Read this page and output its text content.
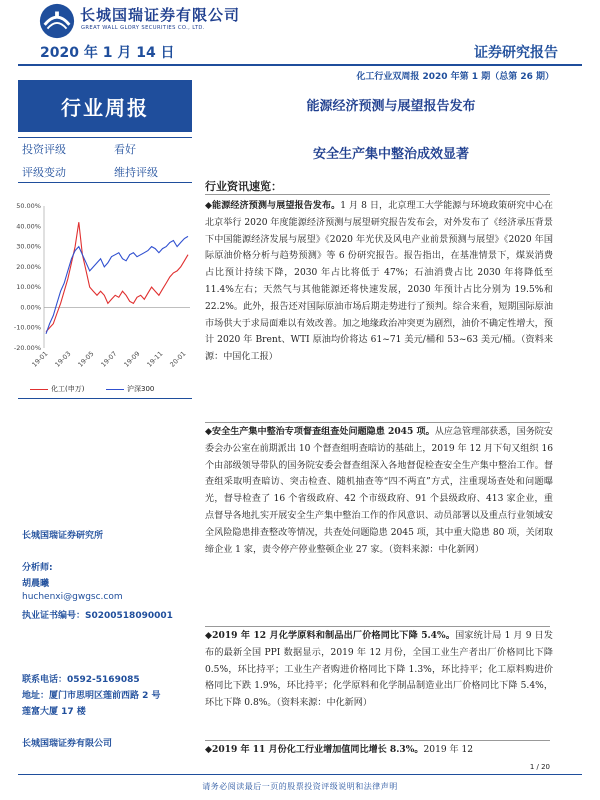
长城国瑞证券有限公司
GREAT WALL GLORY SECURITIES CO., LTD.
2020 年 1 月 14 日	证券研究报告
化工行业双周报 2020 年第 1 期（总第 26 期）
行业周报	能源经济预测与展望报告发布
安全生产集中整治成效显著
投资评级	看好
评级变动	维持评级
50.00%
40.00%
30.00%
20.00%
10.00%
0.00%
-10.00%
-20.00%
19-01 19-03 19-05 19-07 19-09 19-11 20-01
化工(申万)	沪深300
长城国瑞证券研究所
分析师:
胡晨曦
huchenxi@gwgsc.com
执业证书编号：S0200518090001
联系电话：0592-5169085
地址：厦门市思明区莲前西路 2 号
莲富大厦 17 楼
长城国瑞证券有限公司
行业资讯速览：
◆能源经济预测与展望报告发布。1 月 8 日，北京理工大学能源与环境政策研究中心在北京举行 2020 年度能源经济预测与展望研究报告发布会，对外发布了《经济承压背景下中国能源经济发展与展望》《2020 年光伏及风电产业前景预测与展望》《2020 年国际原油价格分析与趋势预测》等 6 份研究报告。报告指出，在基准情景下，煤炭消费占比预计持续下降，2030 年占比将低于 47%；石油消费占比 2030 年将降低至 11.4%左右；天然气与其他能源还将快速发展，2030 年预计占比分别为 19.5%和 22.2%。此外，报告还对国际原油市场后期走势进行了预判。综合来看，短期国际原油市场供大于求局面难以有效改善。加之地缘政治冲突更为剧烈，油价不确定性增大，预计 2020 年 Brent、WTI 原油均价将达 61~71 美元/桶和 53~63 美元/桶。（资料来源：中国化工报）
◆安全生产集中整治专项督查组查处问题隐患 2045 项。从应急管理部获悉，国务院安委会办公室在前期派出 10 个督查组明查暗访的基础上，2019 年 12 月下旬又组织 16 个由部级领导带队的国务院安委会督查组深入各地督促检查安全生产集中整治工作。督查组采取明查暗访、突击检查、随机抽查等“四不两直”方式，注重现场查处和问题曝光，督导检查了 16 个省级政府、42 个市级政府、91 个县级政府、413 家企业，重点督导各地扎实开展安全生产集中整治工作的作风意识、动员部署以及重点行业领域安全风险隐患排查整改等情况，共查处问题隐患 2045 项，其中重大隐患 80 项，关闭取缔企业 1 家，责令停产停业整顿企业 27 家。（资料来源：中化新网）
◆2019 年 12 月化学原料和制品出厂价格同比下降 5.4%。国家统计局 1 月 9 日发布的最新全国 PPI 数据显示，2019 年 12 月份，全国工业生产者出厂价格同比下降 0.5%，环比持平；工业生产者购进价格同比下降 1.3%，环比持平；化工原料购进价格同比下跌 1.9%，环比持平；化学原料和化学制品制造业出厂价格同比下降 5.4%，环比下降 0.8%。（资料来源：中化新网）
◆2019 年 11 月份化工行业增加值同比增长 8.3%。2019 年 12
1 / 20
请务必阅读最后一页的股票投资评级说明和法律声明
